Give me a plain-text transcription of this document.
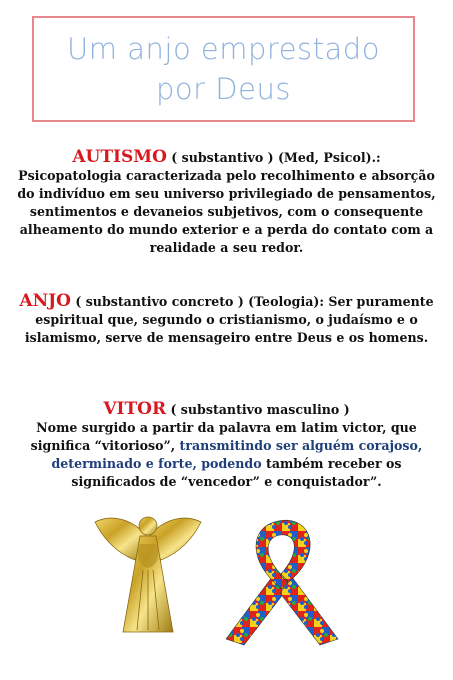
Um anjo emprestado
por Deus
AUTISMO ( substantivo ) (Med, Psicol).:
Psicopatologia caracterizada pelo recolhimento e absorção do indivíduo em seu universo privilegiado de pensamentos, sentimentos e devaneios subjetivos, com o consequente alheamento do mundo exterior e a perda do contato com a realidade a seu redor.
ANJO ( substantivo concreto ) (Teologia): Ser puramente espiritual que, segundo o cristianismo, o judaísmo e o islamismo, serve de mensageiro entre Deus e os homens.
VITOR ( substantivo masculino )
Nome surgido a partir da palavra em latim victor, que significa “vitorioso”, transmitindo ser alguém corajoso, determinado e forte, podendo também receber os significados de “vencedor” e conquistador”.
